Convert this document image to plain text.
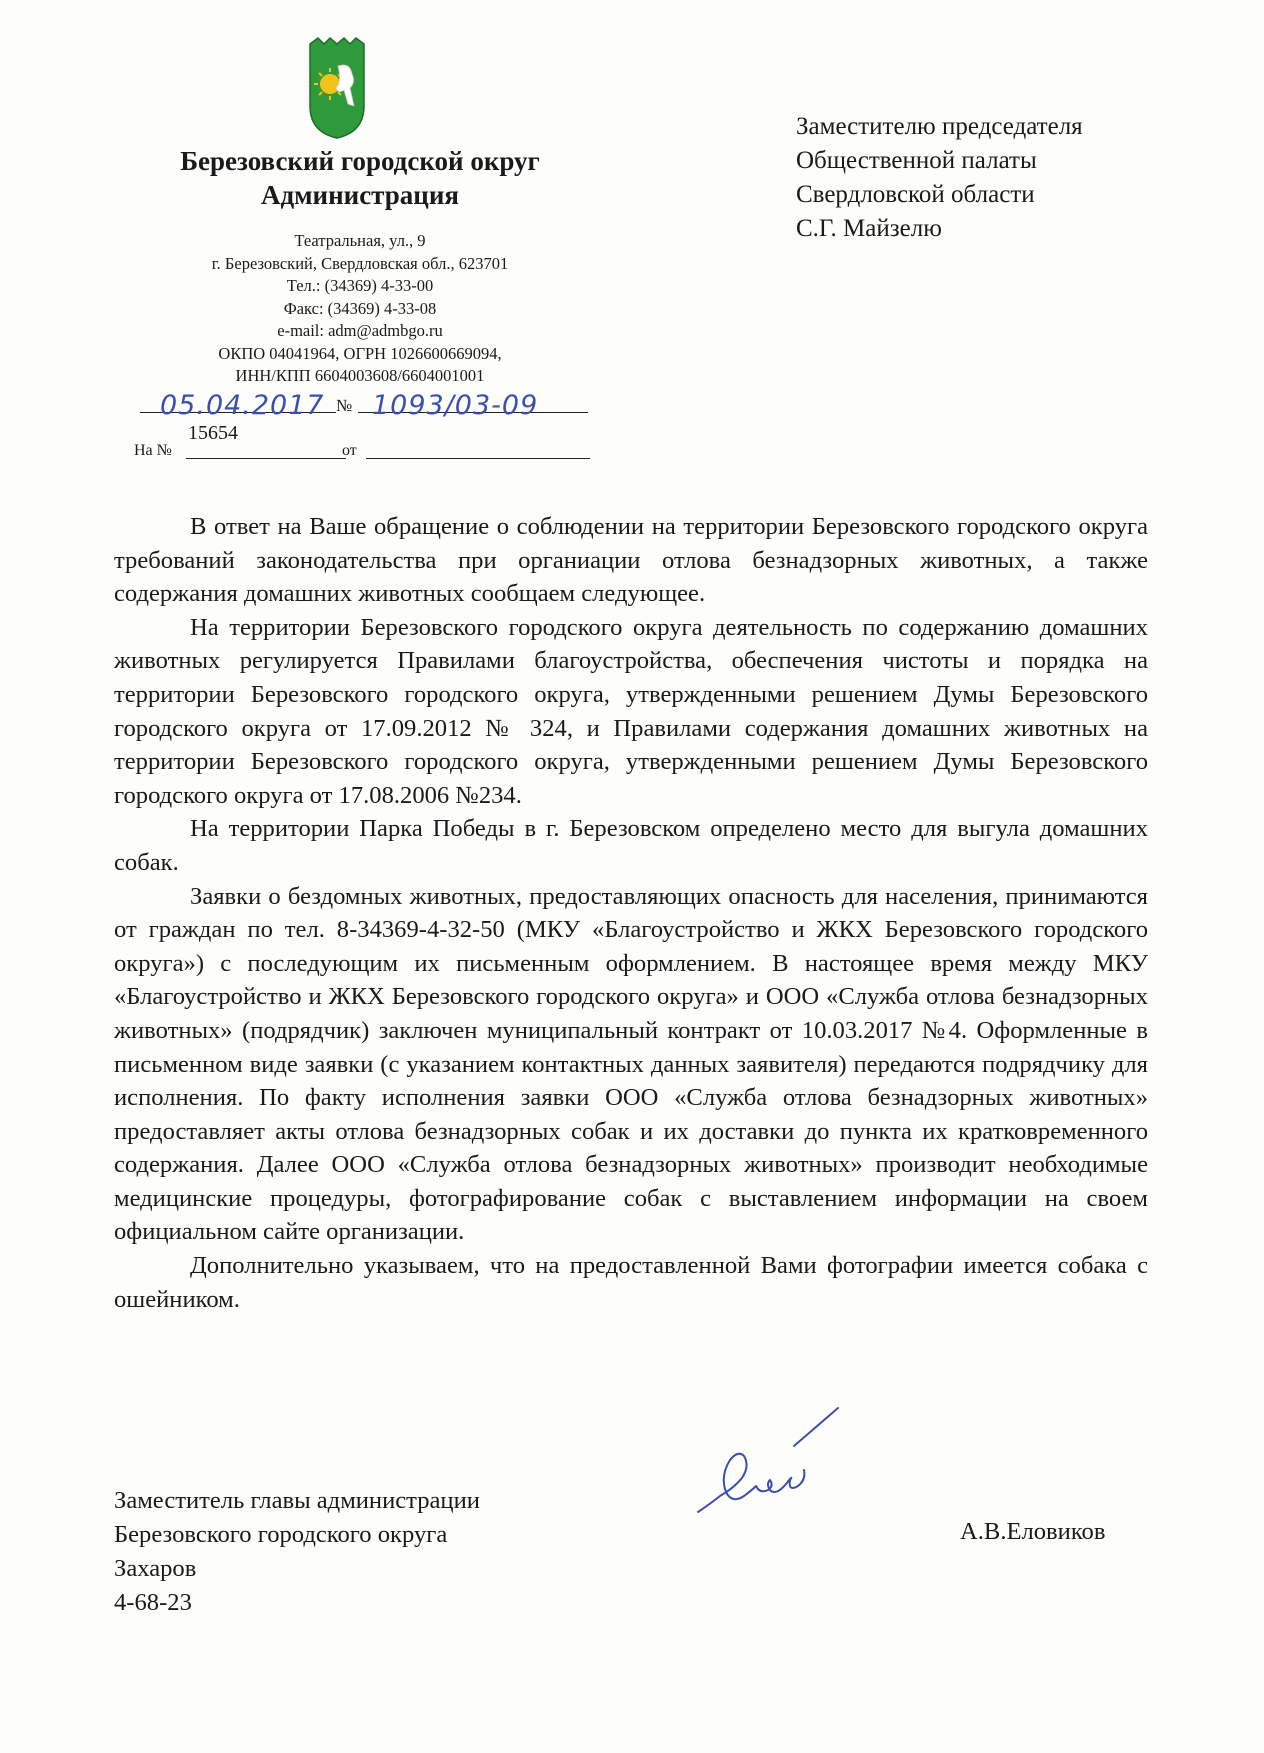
Березовский городской округ
Администрация
Театральная, ул., 9
г. Березовский, Свердловская обл., 623701
Тел.: (34369) 4-33-00
Факс: (34369) 4-33-08
e-mail: adm@admbgo.ru
ОКПО 04041964, ОГРН 1026600669094,
ИНН/КПП 6604003608/6604001001
05.04.2017 № 1093/03-09
15654
На №	от
Заместителю председателя
Общественной палаты
Свердловской области
С.Г. Майзелю

В ответ на Ваше обращение о соблюдении на территории Березовского городского округа требований законодательства при органиации отлова безнадзорных животных, а также содержания домашних животных сообщаем следующее.

На территории Березовского городского округа деятельность по содержанию домашних животных регулируется Правилами благоустройства, обеспечения чистоты и порядка на территории Березовского городского округа, утвержденными решением Думы Березовского городского округа от 17.09.2012 № 324, и Правилами содержания домашних животных на территории Березовского городского округа, утвержденными решением Думы Березовского городского округа от 17.08.2006 №234.

На территории Парка Победы в г. Березовском определено место для выгула домашних собак.

Заявки о бездомных животных, предоставляющих опасность для населения, принимаются от граждан по тел. 8-34369-4-32-50 (МКУ «Благоустройство и ЖКХ Березовского городского округа») с последующим их письменным оформлением. В настоящее время между МКУ «Благоустройство и ЖКХ Березовского городского округа» и ООО «Служба отлова безнадзорных животных» (подрядчик) заключен муниципальный контракт от 10.03.2017 №4. Оформленные в письменном виде заявки (с указанием контактных данных заявителя) передаются подрядчику для исполнения. По факту исполнения заявки ООО «Служба отлова безнадзорных животных» предоставляет акты отлова безнадзорных собак и их доставки до пункта их кратковременного содержания. Далее ООО «Служба отлова безнадзорных животных» производит необходимые медицинские процедуры, фотографирование собак с выставлением информации на своем официальном сайте организации.

Дополнительно указываем, что на предоставленной Вами фотографии имеется собака с ошейником.

Заместитель главы администрации
Березовского городского округа	А.В.Еловиков
Захаров
4-68-23
